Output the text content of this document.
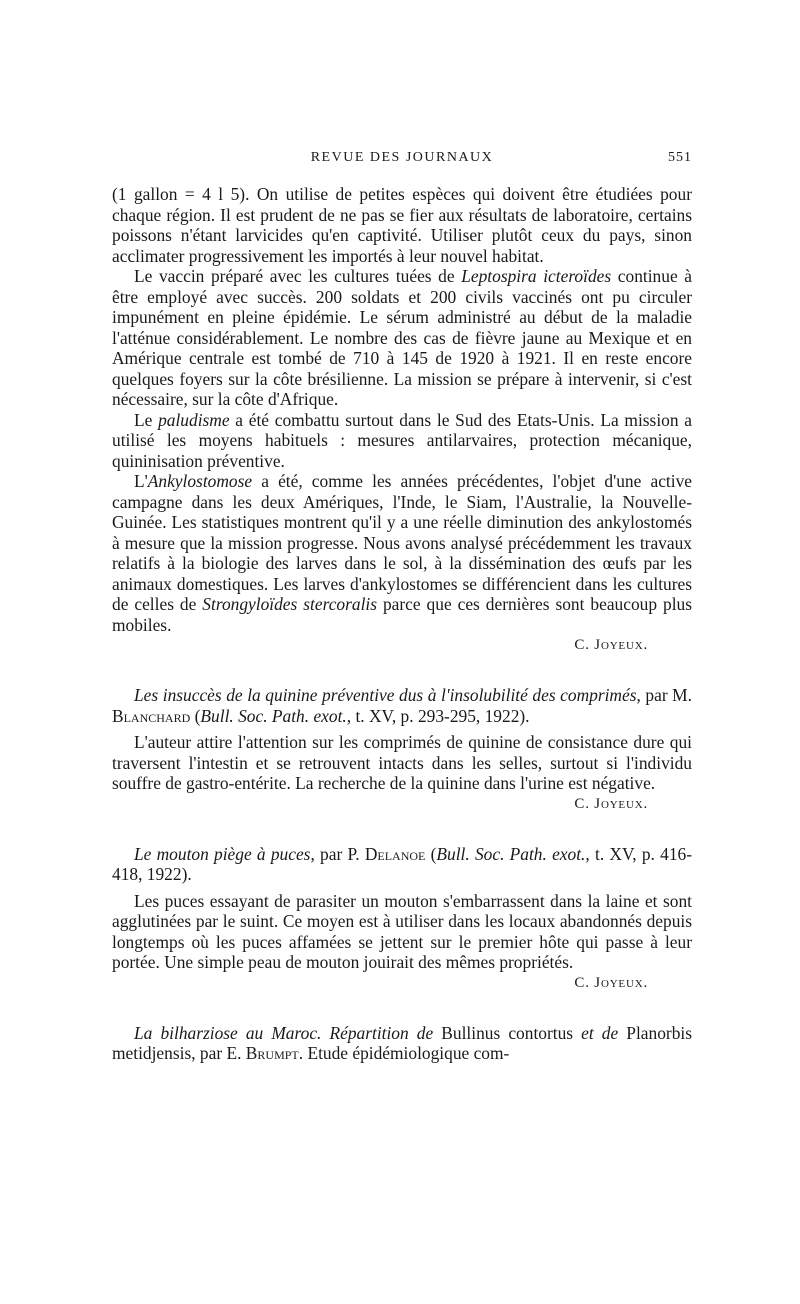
REVUE DES JOURNAUX	551

(1 gallon = 4 l 5). On utilise de petites espèces qui doivent être étudiées pour chaque région. Il est prudent de ne pas se fier aux résultats de laboratoire, certains poissons n'étant larvicides qu'en captivité. Utiliser plutôt ceux du pays, sinon acclimater progressivement les importés à leur nouvel habitat.

Le vaccin préparé avec les cultures tuées de Leptospira icteroïdes continue à être employé avec succès. 200 soldats et 200 civils vaccinés ont pu circuler impunément en pleine épidémie. Le sérum administré au début de la maladie l'atténue considérablement. Le nombre des cas de fièvre jaune au Mexique et en Amérique centrale est tombé de 710 à 145 de 1920 à 1921. Il en reste encore quelques foyers sur la côte brésilienne. La mission se prépare à intervenir, si c'est nécessaire, sur la côte d'Afrique.

Le paludisme a été combattu surtout dans le Sud des Etats-Unis. La mission a utilisé les moyens habituels : mesures antilarvaires, protection mécanique, quininisation préventive.

L'Ankylostomose a été, comme les années précédentes, l'objet d'une active campagne dans les deux Amériques, l'Inde, le Siam, l'Australie, la Nouvelle-Guinée. Les statistiques montrent qu'il y a une réelle diminution des ankylostomés à mesure que la mission progresse. Nous avons analysé précédemment les travaux relatifs à la biologie des larves dans le sol, à la dissémination des œufs par les animaux domestiques. Les larves d'ankylostomes se différencient dans les cultures de celles de Strongyloïdes stercoralis parce que ces dernières sont beaucoup plus mobiles.

C. Joyeux.

Les insuccès de la quinine préventive dus à l'insolubilité des comprimés, par M. Blanchard (Bull. Soc. Path. exot., t. XV, p. 293-295, 1922).

L'auteur attire l'attention sur les comprimés de quinine de consistance dure qui traversent l'intestin et se retrouvent intacts dans les selles, surtout si l'individu souffre de gastro-entérite. La recherche de la quinine dans l'urine est négative.

C. Joyeux.

Le mouton piège à puces, par P. Delanoe (Bull. Soc. Path. exot., t. XV, p. 416-418, 1922).

Les puces essayant de parasiter un mouton s'embarrassent dans la laine et sont agglutinées par le suint. Ce moyen est à utiliser dans les locaux abandonnés depuis longtemps où les puces affamées se jettent sur le premier hôte qui passe à leur portée. Une simple peau de mouton jouirait des mêmes propriétés.

C. Joyeux.

La bilharziose au Maroc. Répartition de Bullinus contortus et de Planorbis metidjensis, par E. Brumpt. Etude épidémiologique com-
